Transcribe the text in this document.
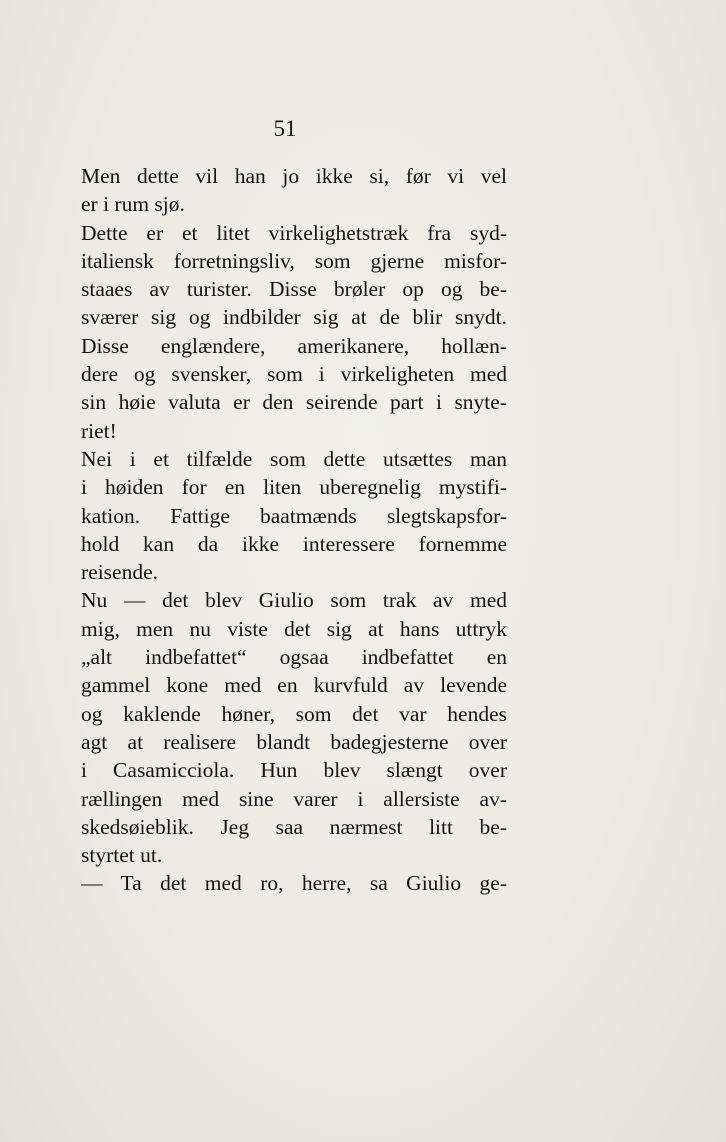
51
Men dette vil han jo ikke si, før vi vel
er i rum sjø.
Dette er et litet virkelighetstræk fra syd-
italiensk forretningsliv, som gjerne misfor-
staaes av turister. Disse brøler op og be-
sværer sig og indbilder sig at de blir snydt.
Disse englændere, amerikanere, hollæn-
dere og svensker, som i virkeligheten med
sin høie valuta er den seirende part i snyte-
riet!
Nei i et tilfælde som dette utsættes man
i høiden for en liten uberegnelig mystifi-
kation. Fattige baatmænds slegtskapsfor-
hold kan da ikke interessere fornemme
reisende.
Nu — det blev Giulio som trak av med
mig, men nu viste det sig at hans uttryk
„alt indbefattet“ ogsaa indbefattet en
gammel kone med en kurvfuld av levende
og kaklende høner, som det var hendes
agt at realisere blandt badegjesterne over
i Casamicciola. Hun blev slængt over
rællingen med sine varer i allersiste av-
skedsøieblik. Jeg saa nærmest litt be-
styrtet ut.
— Ta det med ro, herre, sa Giulio ge-
